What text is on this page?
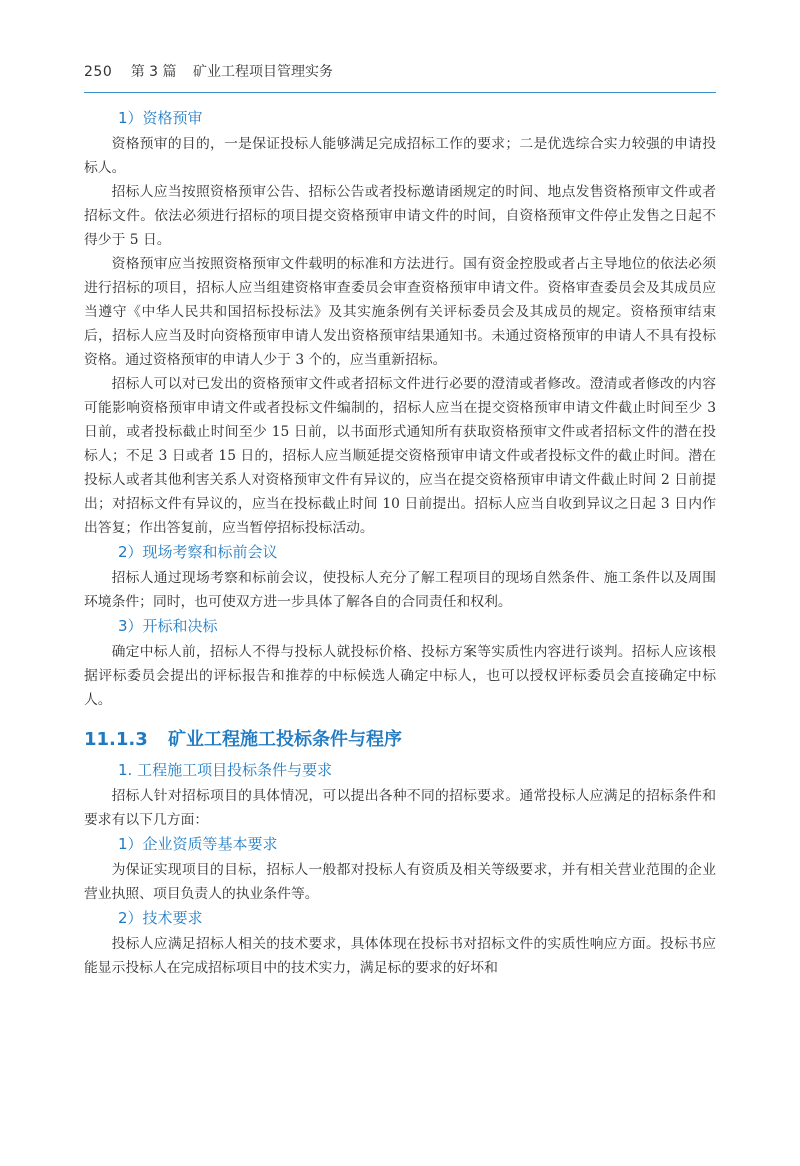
250 第 3 篇 矿业工程项目管理实务
1）资格预审

资格预审的目的，一是保证投标人能够满足完成招标工作的要求；二是优选综合实力较强的申请投标人。

招标人应当按照资格预审公告、招标公告或者投标邀请函规定的时间、地点发售资格预审文件或者招标文件。依法必须进行招标的项目提交资格预审申请文件的时间，自资格预审文件停止发售之日起不得少于 5 日。

资格预审应当按照资格预审文件载明的标准和方法进行。国有资金控股或者占主导地位的依法必须进行招标的项目，招标人应当组建资格审查委员会审查资格预审申请文件。资格审查委员会及其成员应当遵守《中华人民共和国招标投标法》及其实施条例有关评标委员会及其成员的规定。资格预审结束后，招标人应当及时向资格预审申请人发出资格预审结果通知书。未通过资格预审的申请人不具有投标资格。通过资格预审的申请人少于 3 个的，应当重新招标。

招标人可以对已发出的资格预审文件或者招标文件进行必要的澄清或者修改。澄清或者修改的内容可能影响资格预审申请文件或者投标文件编制的，招标人应当在提交资格预审申请文件截止时间至少 3 日前，或者投标截止时间至少 15 日前，以书面形式通知所有获取资格预审文件或者招标文件的潜在投标人；不足 3 日或者 15 日的，招标人应当顺延提交资格预审申请文件或者投标文件的截止时间。潜在投标人或者其他利害关系人对资格预审文件有异议的，应当在提交资格预审申请文件截止时间 2 日前提出；对招标文件有异议的，应当在投标截止时间 10 日前提出。招标人应当自收到异议之日起 3 日内作出答复；作出答复前，应当暂停招标投标活动。

2）现场考察和标前会议

招标人通过现场考察和标前会议，使投标人充分了解工程项目的现场自然条件、施工条件以及周围环境条件；同时，也可使双方进一步具体了解各自的合同责任和权利。

3）开标和决标

确定中标人前，招标人不得与投标人就投标价格、投标方案等实质性内容进行谈判。招标人应该根据评标委员会提出的评标报告和推荐的中标候选人确定中标人，也可以授权评标委员会直接确定中标人。

11.1.3 矿业工程施工投标条件与程序
1. 工程施工项目投标条件与要求

招标人针对招标项目的具体情况，可以提出各种不同的招标要求。通常投标人应满足的招标条件和要求有以下几方面：

1）企业资质等基本要求

为保证实现项目的目标，招标人一般都对投标人有资质及相关等级要求，并有相关营业范围的企业营业执照、项目负责人的执业条件等。

2）技术要求

投标人应满足招标人相关的技术要求，具体体现在投标书对招标文件的实质性响应方面。投标书应能显示投标人在完成招标项目中的技术实力，满足标的要求的好坏和
